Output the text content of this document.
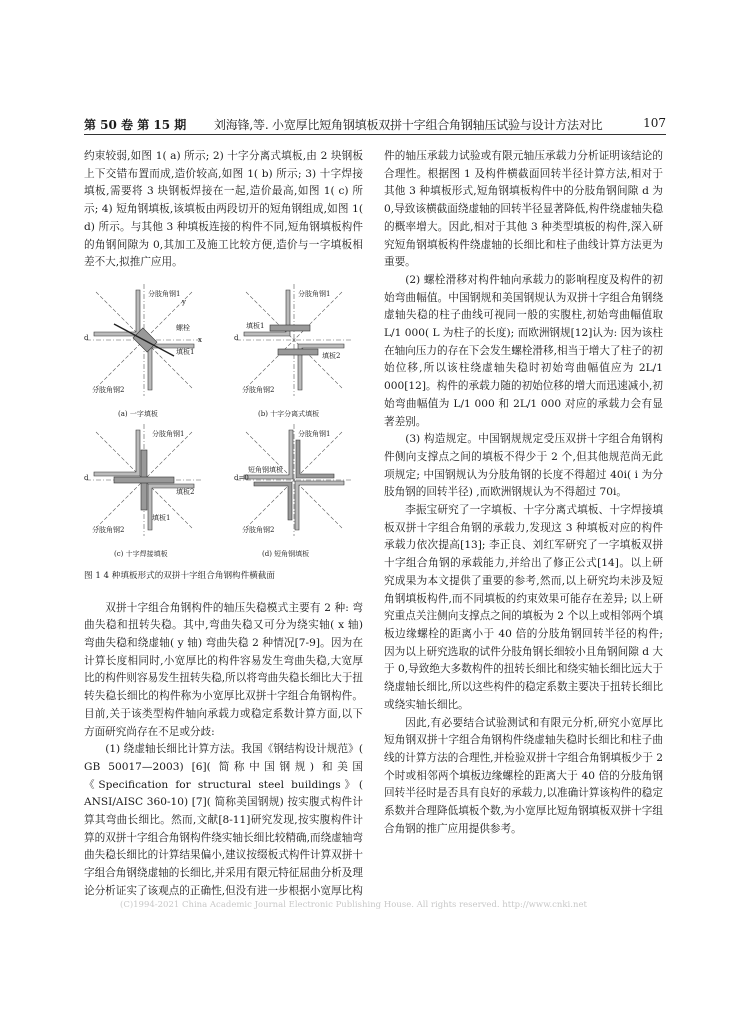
第 50 卷 第 15 期 刘海锋,等. 小宽厚比短角钢填板双拼十字组合角钢轴压试验与设计方法对比	107

约束较弱,如图 1( a) 所示; 2) 十字分离式填板,由 2 块钢板上下交错布置而成,造价较高,如图 1( b) 所示; 3) 十字焊接填板,需要将 3 块钢板焊接在一起,造价最高,如图 1( c) 所示; 4) 短角钢填板,该填板由两段切开的短角钢组成,如图 1( d) 所示。与其他 3 种填板连接的构件不同,短角钢填板构件的角钢间隙为 0,其加工及施工比较方便,造价与一字填板相差不大,拟推广应用。

分肢角钢1
分肢角钢2
螺栓
填板1
d	x
y
分肢角钢1
分肢角钢2
填板1
填板2
d
分肢角钢1
分肢角钢2
填板2
填板1
d
分肢角钢1
分肢角钢2
d=0
短角钢填板
(a) 一字填板	(b) 十字分离式填板
(c) 十字焊接填板	(d) 短角钢填板

图 1 4 种填板形式的双拼十字组合角钢构件横截面

双拼十字组合角钢构件的轴压失稳模式主要有 2 种: 弯曲失稳和扭转失稳。其中,弯曲失稳又可分为绕实轴( x 轴) 弯曲失稳和绕虚轴( y 轴) 弯曲失稳 2 种情况[7-9]。因为在计算长度相同时,小宽厚比的构件容易发生弯曲失稳,大宽厚比的构件则容易发生扭转失稳,所以将弯曲失稳长细比大于扭转失稳长细比的构件称为小宽厚比双拼十字组合角钢构件。目前,关于该类型构件轴向承载力或稳定系数计算方面,以下方面研究尚存在不足或分歧:

(1) 绕虚轴长细比计算方法。我国《钢结构设计规范》( GB 50017—2003) [6]( 简称中国钢规) 和美国《Specification for structural steel buildings》( ANSI/AISC 360-10) [7]( 简称美国钢规) 按实腹式构件计算其弯曲长细比。然而,文献[8-11]研究发现,按实腹构件计算的双拼十字组合角钢构件绕实轴长细比较精确,而绕虚轴弯曲失稳长细比的计算结果偏小,建议按缀板式构件计算双拼十字组合角钢绕虚轴的长细比,并采用有限元特征屈曲分析及理论分析证实了该观点的正确性,但没有进一步根据小宽厚比构

件的轴压承载力试验或有限元轴压承载力分析证明该结论的合理性。根据图 1 及构件横截面回转半径计算方法,相对于其他 3 种填板形式,短角钢填板构件中的分肢角钢间隙 d 为 0,导致该横截面绕虚轴的回转半径显著降低,构件绕虚轴失稳的概率增大。因此,相对于其他 3 种类型填板的构件,深入研究短角钢填板构件绕虚轴的长细比和柱子曲线计算方法更为重要。

(2) 螺栓滑移对构件轴向承载力的影响程度及构件的初始弯曲幅值。中国钢规和美国钢规认为双拼十字组合角钢绕虚轴失稳的柱子曲线可视同一般的实腹柱,初始弯曲幅值取 L/1 000( L 为柱子的长度); 而欧洲钢规[12]认为: 因为该柱在轴向压力的存在下会发生螺栓滑移,相当于增大了柱子的初始位移,所以该柱绕虚轴失稳时初始弯曲幅值应为 2L/1 000[12]。构件的承载力随的初始位移的增大而迅速减小,初始弯曲幅值为 L/1 000 和 2L/1 000 对应的承载力会有显著差别。

(3) 构造规定。中国钢规规定受压双拼十字组合角钢构件侧向支撑点之间的填板不得少于 2 个,但其他规范尚无此项规定; 中国钢规认为分肢角钢的长度不得超过 40i( i 为分肢角钢的回转半径) ,而欧洲钢规认为不得超过 70i。

李振宝研究了一字填板、十字分离式填板、十字焊接填板双拼十字组合角钢的承载力,发现这 3 种填板对应的构件承载力依次提高[13]; 李正良、刘红军研究了一字填板双拼十字组合角钢的承载能力,并给出了修正公式[14]。以上研究成果为本文提供了重要的参考,然而,以上研究均未涉及短角钢填板构件,而不同填板的约束效果可能存在差异; 以上研究重点关注侧向支撑点之间的填板为 2 个以上或相邻两个填板边缘螺栓的距离小于 40 倍的分肢角钢回转半径的构件; 因为以上研究选取的试件分肢角钢长细较小且角钢间隙 d 大于 0,导致绝大多数构件的扭转长细比和绕实轴长细比远大于绕虚轴长细比,所以这些构件的稳定系数主要决于扭转长细比或绕实轴长细比。

因此,有必要结合试验测试和有限元分析,研究小宽厚比短角钢双拼十字组合角钢构件绕虚轴失稳时长细比和柱子曲线的计算方法的合理性,并检验双拼十字组合角钢填板少于 2 个时或相邻两个填板边缘螺栓的距离大于 40 倍的分肢角钢回转半径时是否具有良好的承载力,以准确计算该构件的稳定系数并合理降低填板个数,为小宽厚比短角钢填板双拼十字组合角钢的推广应用提供参考。

(C)1994-2021 China Academic Journal Electronic Publishing House. All rights reserved. http://www.cnki.net
